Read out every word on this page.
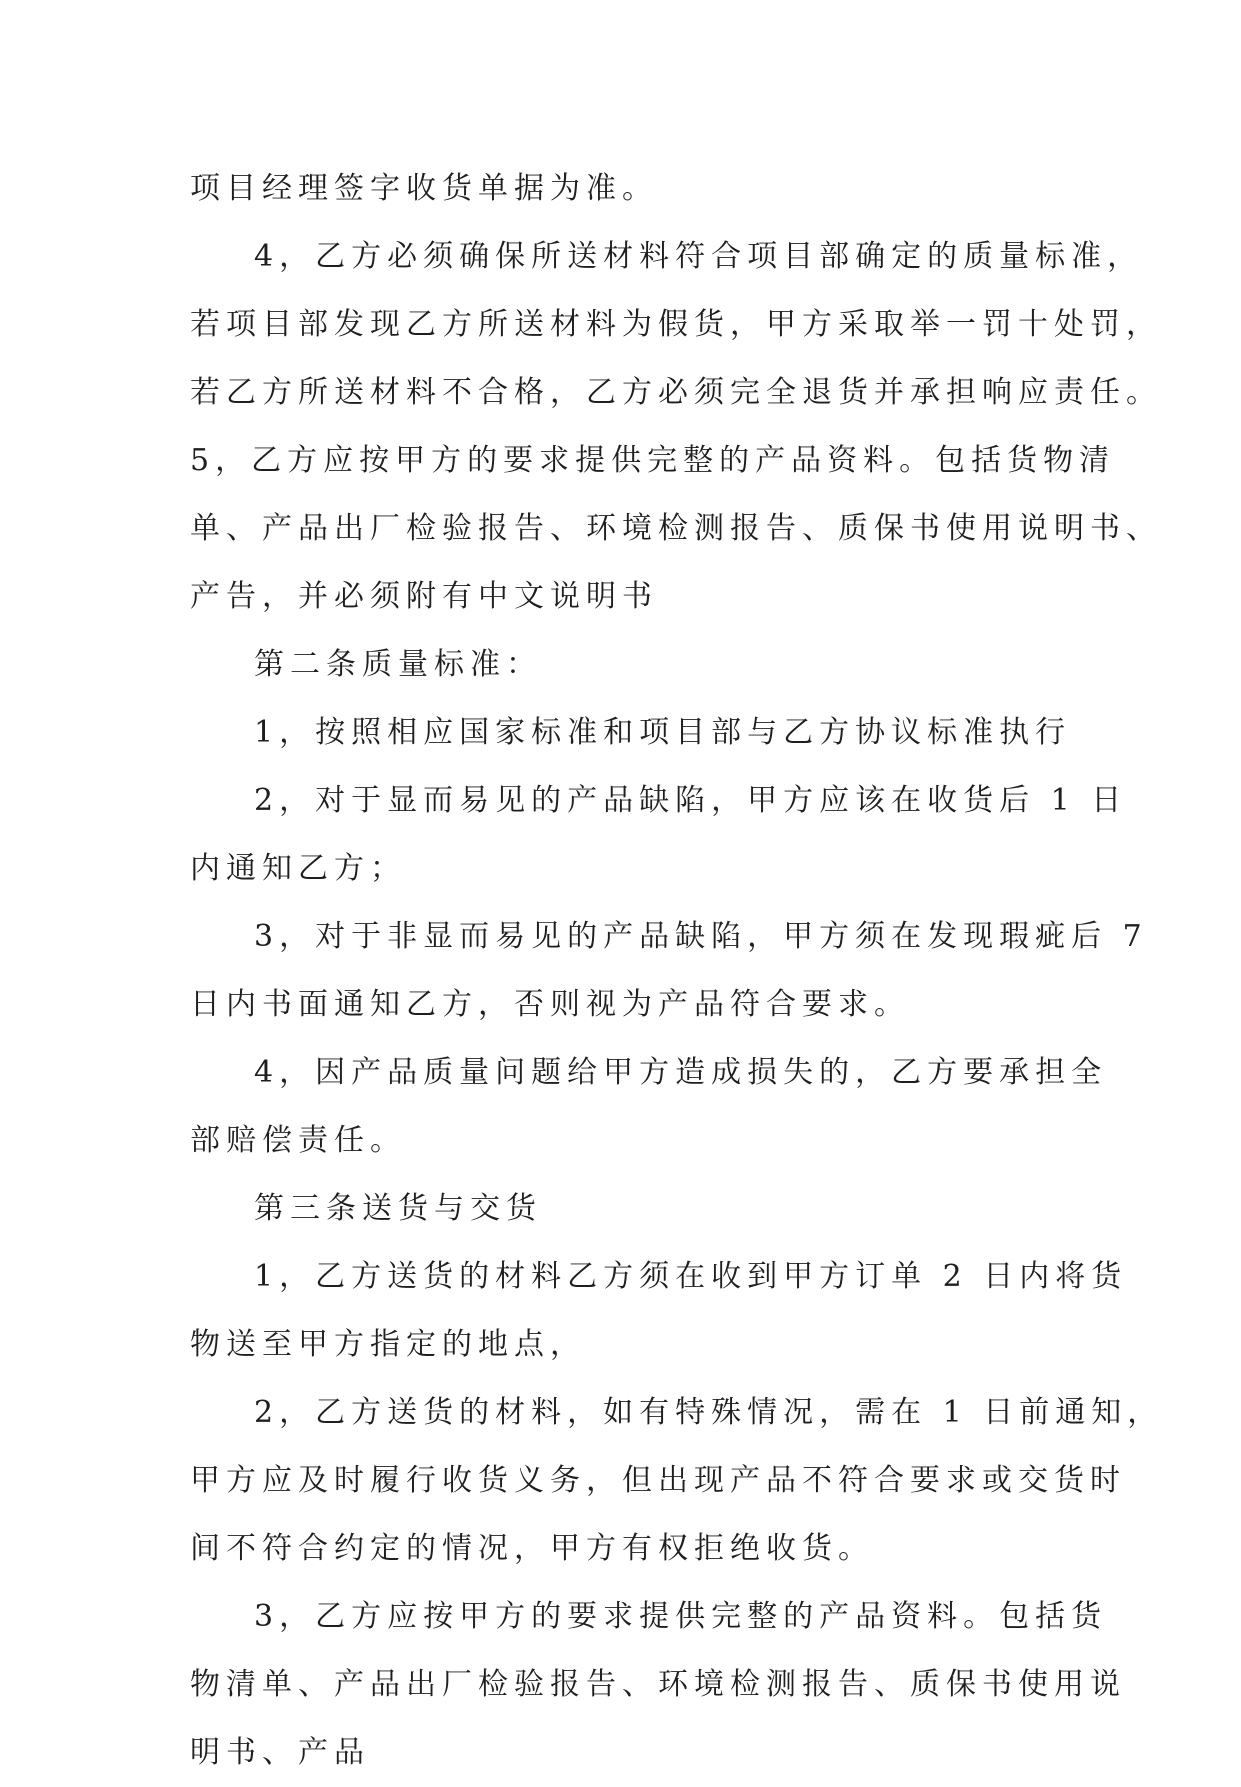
项目经理签字收货单据为准。
4，乙方必须确保所送材料符合项目部确定的质量标准，
若项目部发现乙方所送材料为假货，甲方采取举一罚十处罚，
若乙方所送材料不合格，乙方必须完全退货并承担响应责任。
5，乙方应按甲方的要求提供完整的产品资料。包括货物清
单、产品出厂检验报告、环境检测报告、质保书使用说明书、
产告，并必须附有中文说明书
第二条质量标准：
1，按照相应国家标准和项目部与乙方协议标准执行
2，对于显而易见的产品缺陷，甲方应该在收货后 1 日
内通知乙方；
3，对于非显而易见的产品缺陷，甲方须在发现瑕疵后 7
日内书面通知乙方，否则视为产品符合要求。
4，因产品质量问题给甲方造成损失的，乙方要承担全
部赔偿责任。
第三条送货与交货
1，乙方送货的材料乙方须在收到甲方订单 2 日内将货
物送至甲方指定的地点，
2，乙方送货的材料，如有特殊情况，需在 1 日前通知，
甲方应及时履行收货义务，但出现产品不符合要求或交货时
间不符合约定的情况，甲方有权拒绝收货。
3，乙方应按甲方的要求提供完整的产品资料。包括货
物清单、产品出厂检验报告、环境检测报告、质保书使用说
明书、产品
